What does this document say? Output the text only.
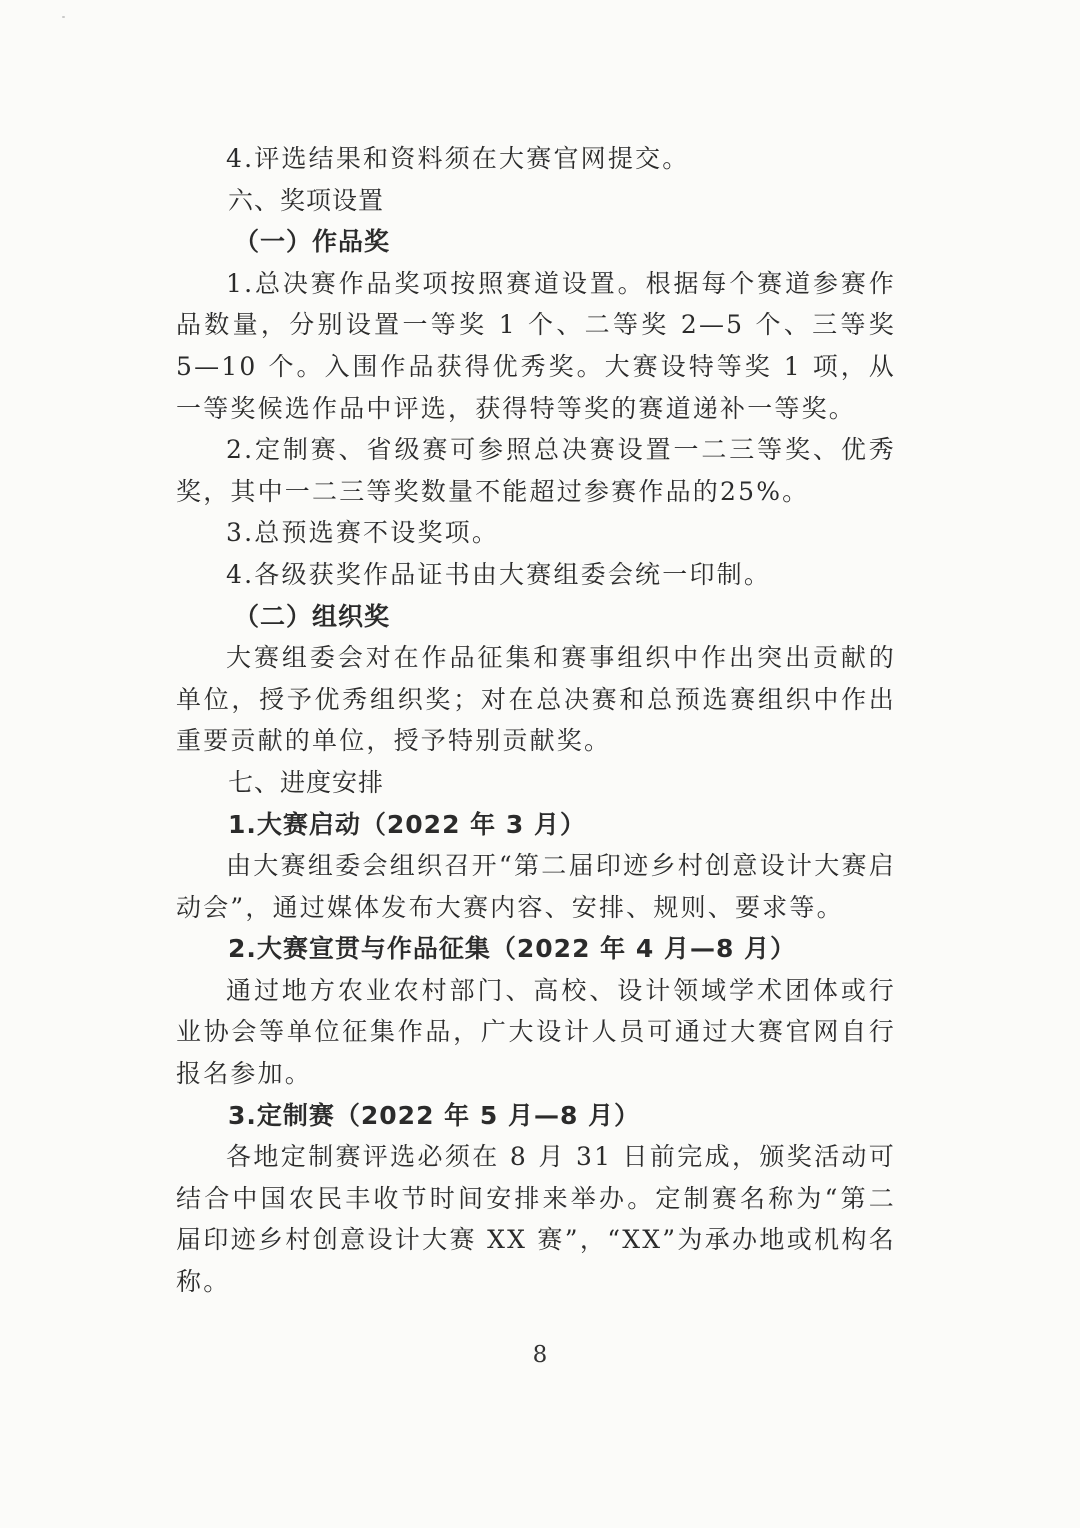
4.评选结果和资料须在大赛官网提交。

六、奖项设置

（一）作品奖

1.总决赛作品奖项按照赛道设置。根据每个赛道参赛作品数量，分别设置一等奖 1 个、二等奖 2—5 个、三等奖 5—10 个。入围作品获得优秀奖。大赛设特等奖 1 项，从一等奖候选作品中评选，获得特等奖的赛道递补一等奖。

2.定制赛、省级赛可参照总决赛设置一二三等奖、优秀奖，其中一二三等奖数量不能超过参赛作品的25%。

3.总预选赛不设奖项。

4.各级获奖作品证书由大赛组委会统一印制。

（二）组织奖

大赛组委会对在作品征集和赛事组织中作出突出贡献的单位，授予优秀组织奖；对在总决赛和总预选赛组织中作出重要贡献的单位，授予特别贡献奖。

七、进度安排

1.大赛启动（2022 年 3 月）

由大赛组委会组织召开“第二届印迹乡村创意设计大赛启动会”，通过媒体发布大赛内容、安排、规则、要求等。

2.大赛宣贯与作品征集（2022 年 4 月—8 月）

通过地方农业农村部门、高校、设计领域学术团体或行业协会等单位征集作品，广大设计人员可通过大赛官网自行报名参加。

3.定制赛（2022 年 5 月—8 月）

各地定制赛评选必须在 8 月 31 日前完成，颁奖活动可结合中国农民丰收节时间安排来举办。定制赛名称为“第二届印迹乡村创意设计大赛 XX 赛”，“XX”为承办地或机构名称。

8
